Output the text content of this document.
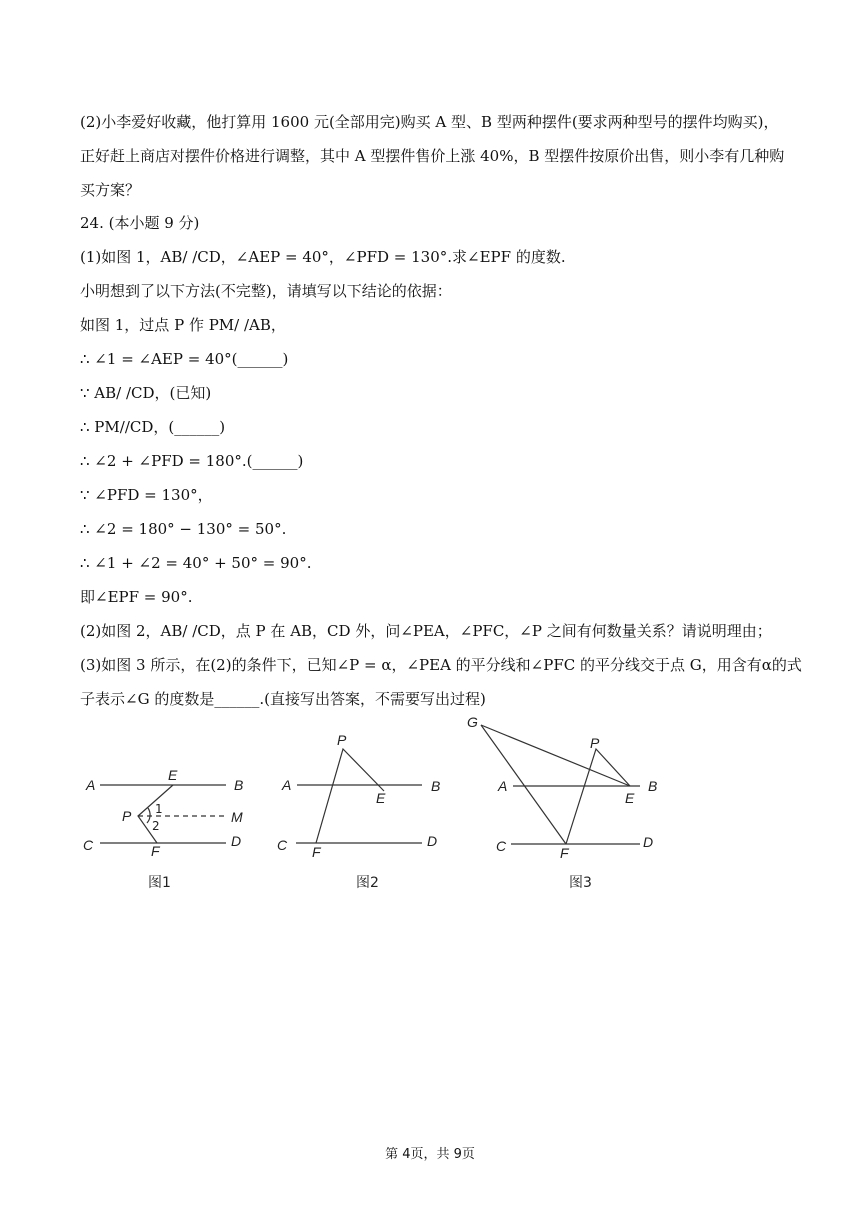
(2)小李爱好收藏，他打算用 1600 元(全部用完)购买 A 型、B 型两种摆件(要求两种型号的摆件均购买)，
正好赶上商店对摆件价格进行调整，其中 A 型摆件售价上涨 40%，B 型摆件按原价出售，则小李有几种购
买方案？
24. (本小题 9 分)
(1)如图 1，AB/ /CD，∠AEP = 40°，∠PFD = 130°.求∠EPF 的度数.
小明想到了以下方法(不完整)，请填写以下结论的依据：
如图 1，过点 P 作 PM/ /AB，
∴ ∠1 = ∠AEP = 40°(______)
∵ AB/ /CD，(已知)
∴ PM//CD，(______)
∴ ∠2 + ∠PFD = 180°.(______)
∵ ∠PFD = 130°，
∴ ∠2 = 180° − 130° = 50°.
∴ ∠1 + ∠2 = 40° + 50° = 90°.
即∠EPF = 90°.
(2)如图 2，AB/ /CD，点 P 在 AB，CD 外，问∠PEA，∠PFC，∠P 之间有何数量关系？请说明理由；
(3)如图 3 所示，在(2)的条件下，已知∠P = α，∠PEA 的平分线和∠PFC 的平分线交于点 G，用含有α的式
子表示∠G 的度数是______.(直接写出答案，不需要写出过程)
A
E
B
P 1
2
M
C	F
D
图1
P
A
E
B
C F
D
图2
G
P
A
E
B
C	F
D
图3
第 4页，共 9页
